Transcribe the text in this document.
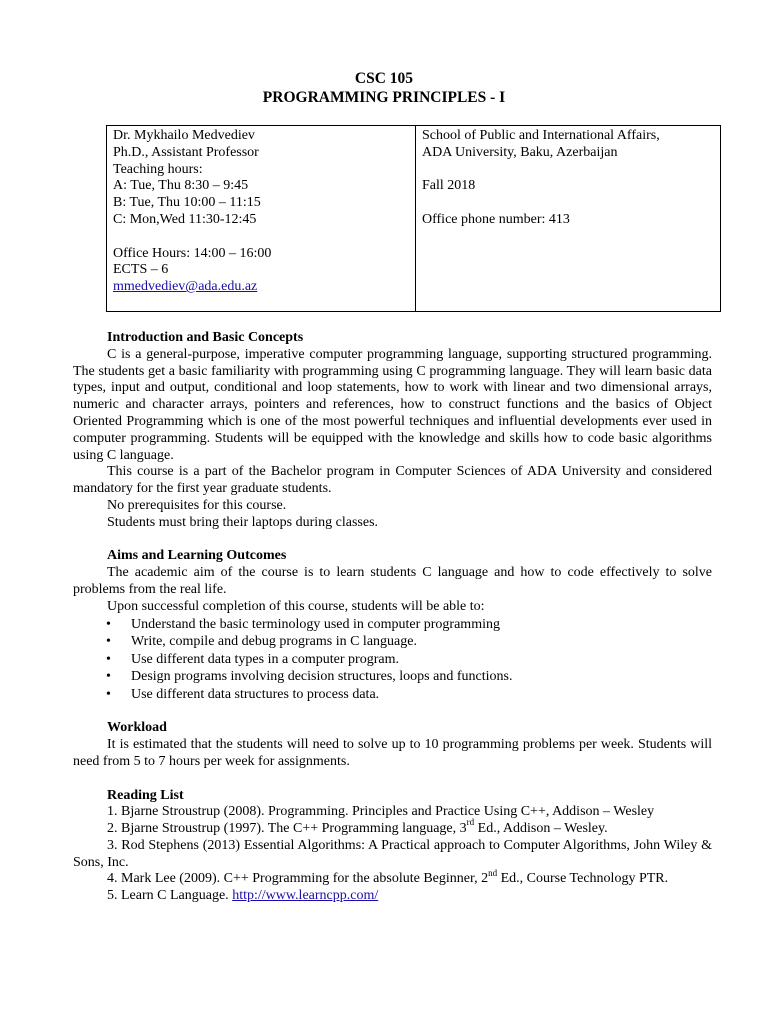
CSC 105
PROGRAMMING PRINCIPLES - I
Dr. Mykhailo Medvediev
Ph.D., Assistant Professor
Teaching hours:
A: Tue, Thu 8:30 – 9:45
B: Tue, Thu 10:00 – 11:15
C: Mon,Wed 11:30-12:45
Office Hours: 14:00 – 16:00
ECTS – 6
mmedvediev@ada.edu.az

School of Public and International Affairs,
ADA University, Baku, Azerbaijan
Fall 2018
Office phone number: 413
Introduction and Basic Concepts

C is a general-purpose, imperative computer programming language, supporting structured programming. The students get a basic familiarity with programming using C programming language. They will learn basic data types, input and output, conditional and loop statements, how to work with linear and two dimensional arrays, numeric and character arrays, pointers and references, how to construct functions and the basics of Object Oriented Programming which is one of the most powerful techniques and influential developments ever used in computer programming. Students will be equipped with the knowledge and skills how to code basic algorithms using C language.

This course is a part of the Bachelor program in Computer Sciences of ADA University and considered mandatory for the first year graduate students.

No prerequisites for this course.

Students must bring their laptops during classes.

Aims and Learning Outcomes

The academic aim of the course is to learn students C language and how to code effectively to solve problems from the real life.

Upon successful completion of this course, students will be able to:

• Understand the basic terminology used in computer programming
• Write, compile and debug programs in C language.
• Use different data types in a computer program.
• Design programs involving decision structures, loops and functions.
• Use different data structures to process data.
Workload

It is estimated that the students will need to solve up to 10 programming problems per week. Students will need from 5 to 7 hours per week for assignments.

Reading List

1. Bjarne Stroustrup (2008). Programming. Principles and Practice Using C++, Addison – Wesley

2. Bjarne Stroustrup (1997). The C++ Programming language, 3rd Ed., Addison – Wesley.

3. Rod Stephens (2013) Essential Algorithms: A Practical approach to Computer Algorithms, John Wiley & Sons, Inc.

4. Mark Lee (2009). C++ Programming for the absolute Beginner, 2nd Ed., Course Technology PTR.

5. Learn C Language. http://www.learncpp.com/
